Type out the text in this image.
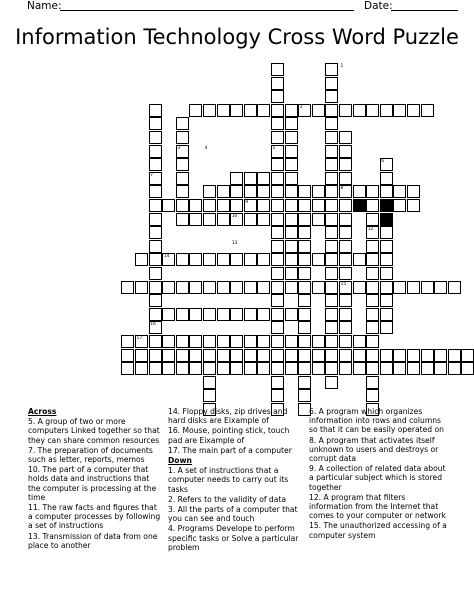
Name:	Date:
Information Technology Cross Word Puzzle
1
2
3	4	5
6
7
8
9
10	11
12
13
14
15
16
17

Across

5. A group of two or more computers Linked together so that they can share common resources

7. The preparation of documents such as letter, reports, memos

10. The part of a computer that holds data and instructions that the computer is processing at the time

11. The raw facts and figures that a computer processes by following a set of instructions

13. Transmission of data from one place to another

14. Floppy disks, zip drives and hard disks are Eixample of

16. Mouse, pointing stick, touch pad are Eixample of

17. The main part of a computer

Down

1. A set of instructions that a computer needs to carry out its tasks

2. Refers to the validity of data

3. All the parts of a computer that you can see and touch

4. Programs Develope to perform specific tasks or Solve a particular problem

6. A program which organizes information into rows and columns so that it can be easily operated on

8. A program that activates itself unknown to users and destroys or corrupt data

9. A collection of related data about a particular subject which is stored together

12. A program that filters information from the Internet that comes to your computer or network

15. The unauthorized accessing of a computer system
